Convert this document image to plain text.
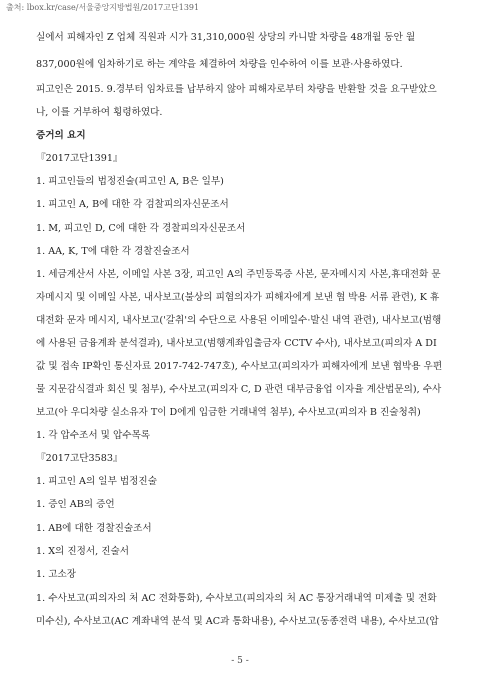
출처: lbox.kr/case/서울중앙지방법원/2017고단1391
실에서 피해자인 Z 업체 직원과 시가 31,310,000원 상당의 카니발 차량을 48개월 동안 월
837,000원에 임차하기로 하는 계약을 체결하여 차량을 인수하여 이를 보관·사용하였다.
피고인은 2015. 9.경부터 임차료를 납부하지 않아 피해자로부터 차량을 반환할 것을 요구받았으
나, 이를 거부하여 횡령하였다.
증거의 요지
『2017고단1391』
1. 피고인들의 법정진술(피고인 A, B은 일부)
1. 피고인 A, B에 대한 각 검찰피의자신문조서
1. M, 피고인 D, C에 대한 각 경찰피의자신문조서
1. AA, K, T에 대한 각 경찰진술조서
1. 세금계산서 사본, 이메일 사본 3장, 피고인 A의 주민등록증 사본, 문자메시지 사본,휴대전화 문
자메시지 및 이메일 사본, 내사보고(불상의 피혐의자가 피해자에게 보낸 협 박용 서류 관련), K 휴
대전화 문자 메시지, 내사보고('갈취'의 수단으로 사용된 이메일수·발신 내역 관련), 내사보고(범행
에 사용된 금융계좌 분석결과), 내사보고(범행계좌입출금자 CCTV 수사), 내사보고(피의자 A DI
값 및 접속 IP확인 통신자료 2017-742-747호), 수사보고(피의자가 피해자에게 보낸 협박용 우편
물 지문감식결과 회신 및 첨부), 수사보고(피의자 C, D 관련 대부금융업 이자율 계산법문의), 수사
보고(아 우디차량 실소유자 T이 D에게 입금한 거래내역 첨부), 수사보고(피의자 B 진술청취)
1. 각 압수조서 및 압수목록
『2017고단3583』
1. 피고인 A의 일부 법정진술
1. 증인 AB의 증언
1. AB에 대한 경찰진술조서
1. X의 진정서, 진술서
1. 고소장
1. 수사보고(피의자의 처 AC 전화통화), 수사보고(피의자의 처 AC 통장거래내역 미제출 및 전화
미수신), 수사보고(AC 계좌내역 분석 및 AC과 통화내용), 수사보고(동종전력 내용), 수사보고(압
- 5 -
